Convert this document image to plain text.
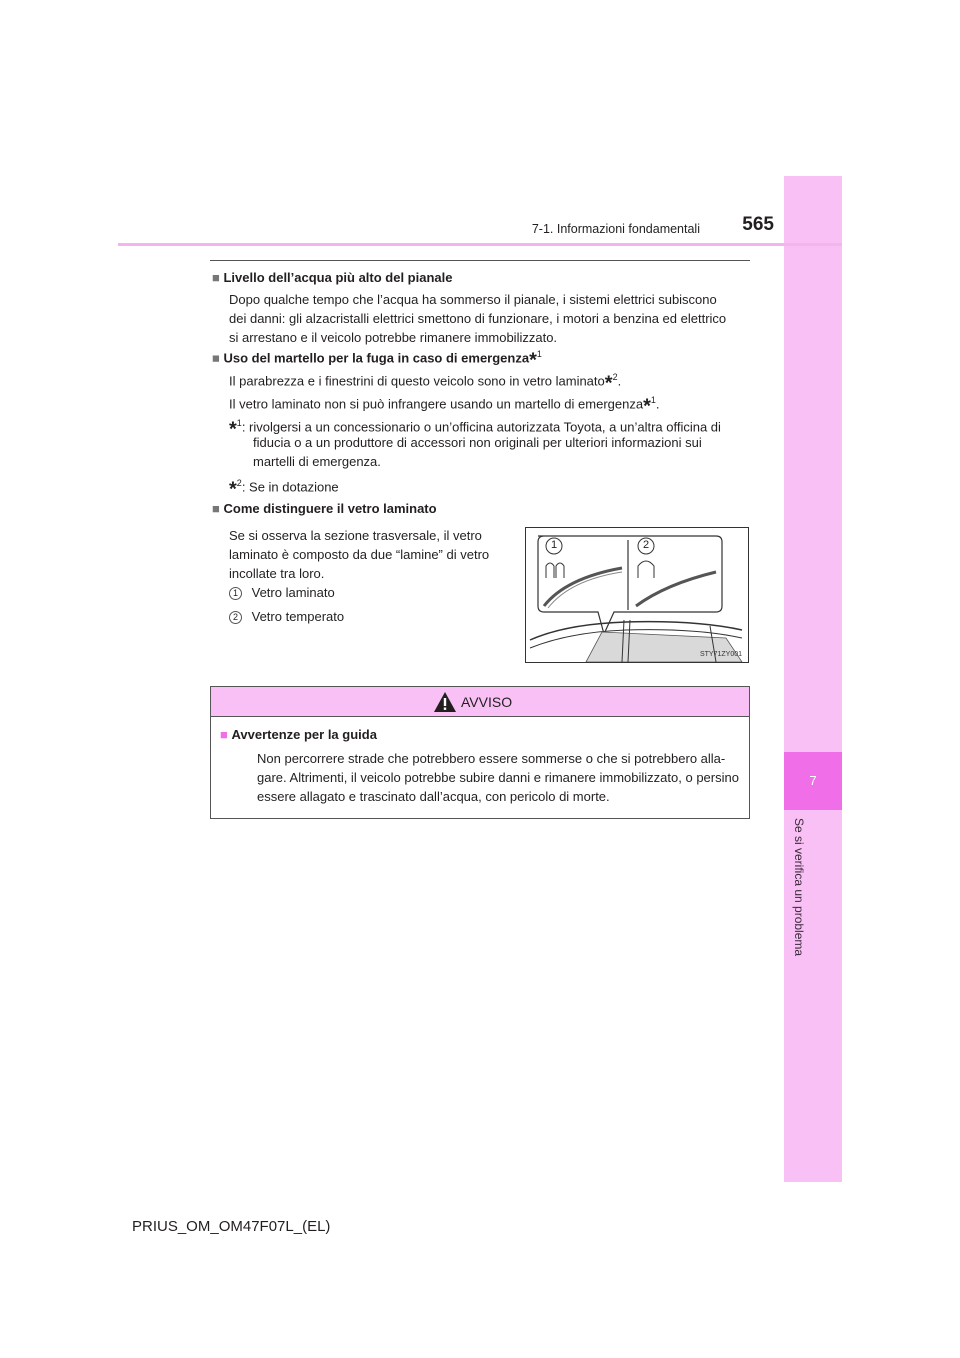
7
Se si verifica un problema
7-1. Informazioni fondamentali	565
■ Livello dell’acqua più alto del pianale
Dopo qualche tempo che l’acqua ha sommerso il pianale, i sistemi elettrici subiscono
dei danni: gli alzacristalli elettrici smettono di funzionare, i motori a benzina ed elettrico
si arrestano e il veicolo potrebbe rimanere immobilizzato.
■ Uso del martello per la fuga in caso di emergenza*$^1$
Il parabrezza e i finestrini di questo veicolo sono in vetro laminato*$^2$.
Il vetro laminato non si può infrangere usando un martello di emergenza*$^1$.
*$^1$: rivolgersi a un concessionario o un’officina autorizzata Toyota, a un’altra officina di
fiducia o a un produttore di accessori non originali per ulteriori informazioni sui
martelli di emergenza.
*$^2$: Se in dotazione
■ Come distinguere il vetro laminato
Se si osserva la sezione trasversale, il vetro
laminato è composto da due “lamine” di vetro
incollate tra loro.
1 Vetro laminato
2 Vetro temperato
1	2
STY71ZY001
AVVISO
■ Avvertenze per la guida
Non percorrere strade che potrebbero essere sommerse o che si potrebbero alla-
gare. Altrimenti, il veicolo potrebbe subire danni e rimanere immobilizzato, o persino
essere allagato e trascinato dall’acqua, con pericolo di morte.
PRIUS_OM_OM47F07L_(EL)
